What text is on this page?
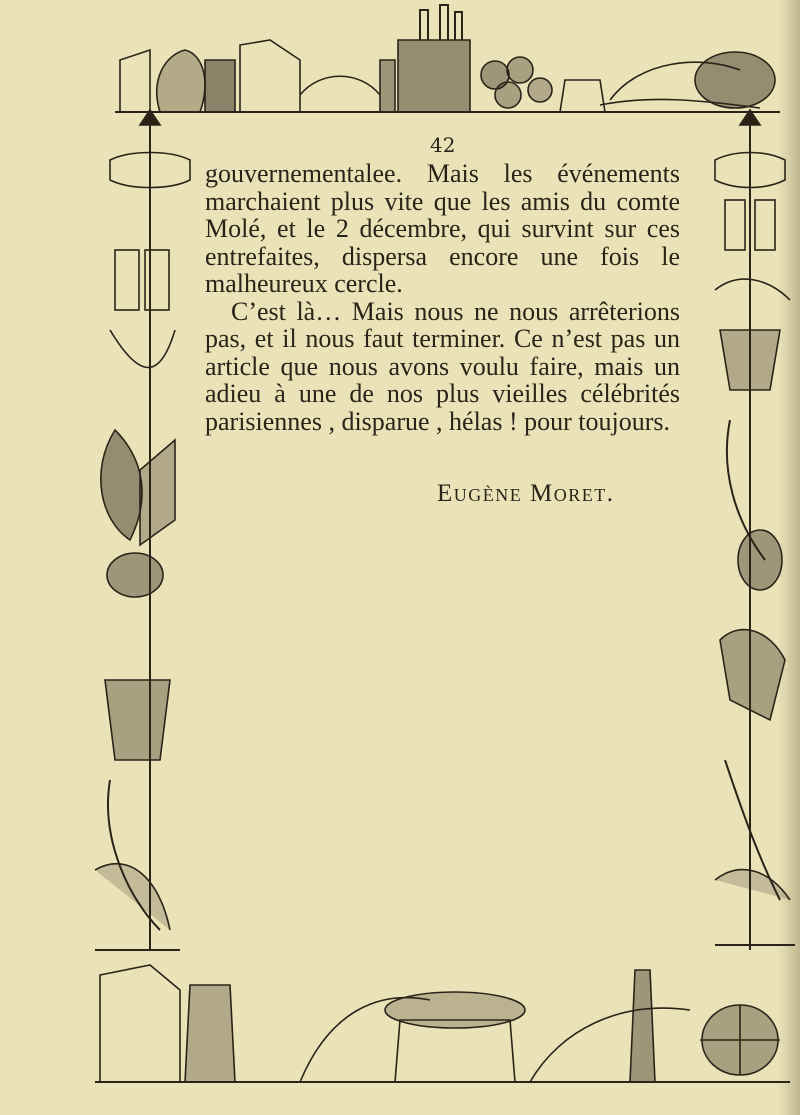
42

gouvernementalee. Mais les événements marchaient plus vite que les amis du comte Molé, et le 2 décembre, qui survint sur ces entrefaites, dispersa encore une fois le malheureux cercle.

C’est là… Mais nous ne nous arrêterions pas, et il nous faut terminer. Ce n’est pas un article que nous avons voulu faire, mais un adieu à une de nos plus vieilles célébrités parisiennes , disparue , hélas ! pour toujours.

Eugène Moret.
